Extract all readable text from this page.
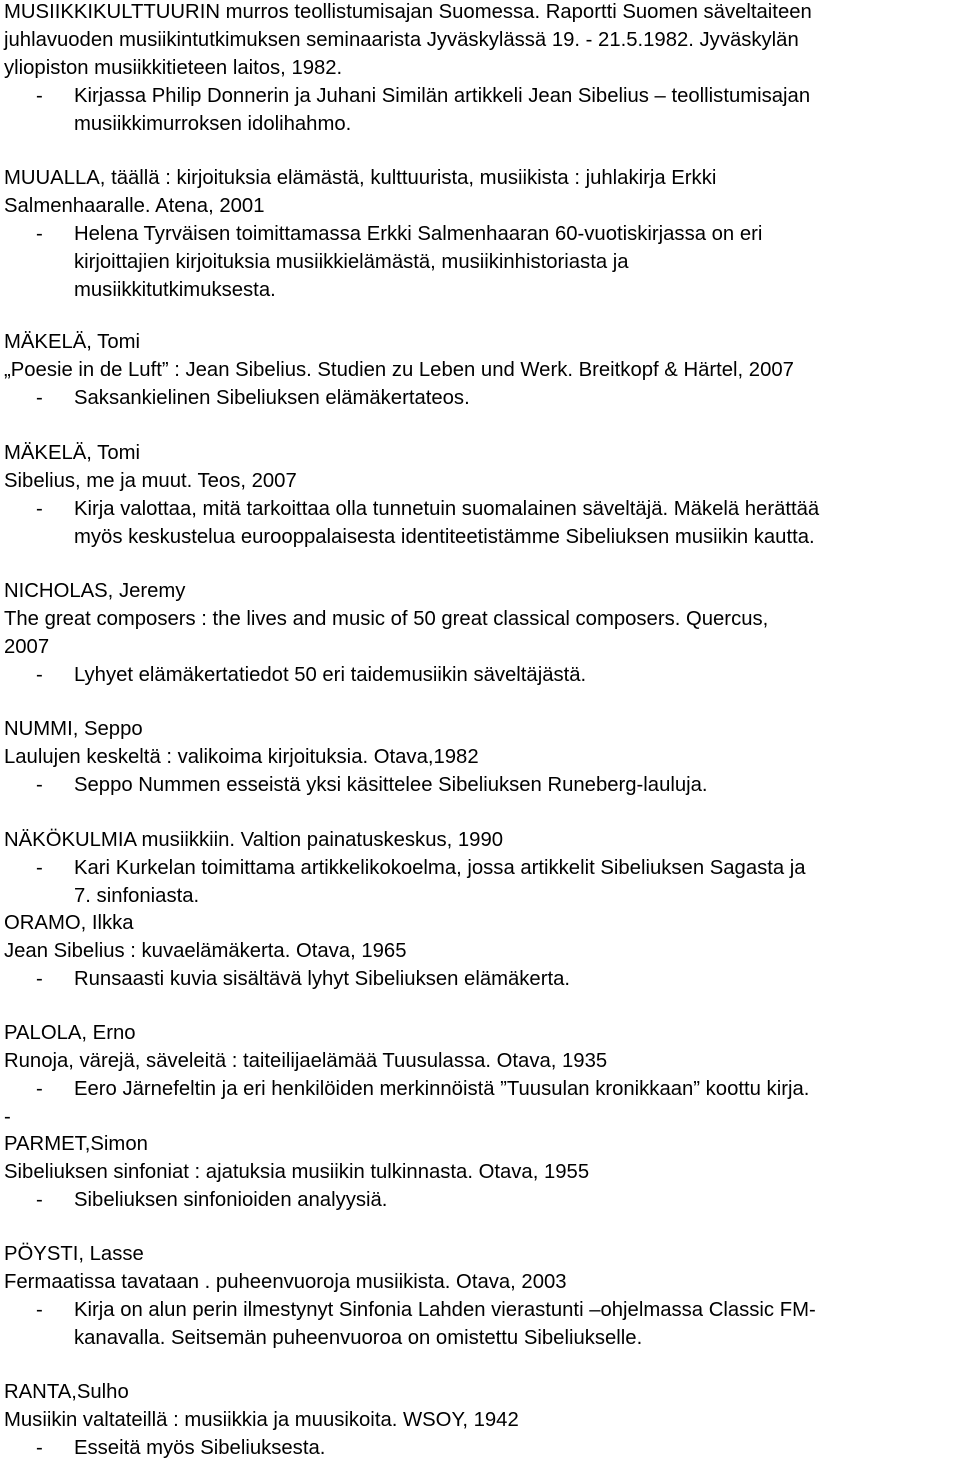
MUSIIKKIKULTTUURIN murros teollistumisajan Suomessa. Raportti Suomen säveltaiteen
juhlavuoden musiikintutkimuksen seminaarista Jyväskylässä 19. - 21.5.1982. Jyväskylän
yliopiston musiikkitieteen laitos, 1982.
- Kirjassa Philip Donnerin ja Juhani Similän artikkeli Jean Sibelius – teollistumisajan
musiikkimurroksen idolihahmo.
MUUALLA, täällä : kirjoituksia elämästä, kulttuurista, musiikista : juhlakirja Erkki
Salmenhaaralle. Atena, 2001
- Helena Tyrväisen toimittamassa Erkki Salmenhaaran 60-vuotiskirjassa on eri
kirjoittajien kirjoituksia musiikkielämästä, musiikinhistoriasta ja
musiikkitutkimuksesta.
MÄKELÄ, Tomi
„Poesie in de Luft” : Jean Sibelius. Studien zu Leben und Werk. Breitkopf & Härtel, 2007
- Saksankielinen Sibeliuksen elämäkertateos.
MÄKELÄ, Tomi
Sibelius, me ja muut. Teos, 2007
- Kirja valottaa, mitä tarkoittaa olla tunnetuin suomalainen säveltäjä. Mäkelä herättää
myös keskustelua eurooppalaisesta identiteetistämme Sibeliuksen musiikin kautta.
NICHOLAS, Jeremy
The great composers : the lives and music of 50 great classical composers. Quercus,
2007
- Lyhyet elämäkertatiedot 50 eri taidemusiikin säveltäjästä.
NUMMI, Seppo
Laulujen keskeltä : valikoima kirjoituksia. Otava,1982
- Seppo Nummen esseistä yksi käsittelee Sibeliuksen Runeberg-lauluja.
NÄKÖKULMIA musiikkiin. Valtion painatuskeskus, 1990
- Kari Kurkelan toimittama artikkelikokoelma, jossa artikkelit Sibeliuksen Sagasta ja
7. sinfoniasta.
ORAMO, Ilkka
Jean Sibelius : kuvaelämäkerta. Otava, 1965
- Runsaasti kuvia sisältävä lyhyt Sibeliuksen elämäkerta.
PALOLA, Erno
Runoja, värejä, säveleitä : taiteilijaelämää Tuusulassa. Otava, 1935
- Eero Järnefeltin ja eri henkilöiden merkinnöistä ”Tuusulan kronikkaan” koottu kirja.
-
PARMET,Simon
Sibeliuksen sinfoniat : ajatuksia musiikin tulkinnasta. Otava, 1955
- Sibeliuksen sinfonioiden analyysiä.
PÖYSTI, Lasse
Fermaatissa tavataan . puheenvuoroja musiikista. Otava, 2003
- Kirja on alun perin ilmestynyt Sinfonia Lahden vierastunti –ohjelmassa Classic FM-
kanavalla. Seitsemän puheenvuoroa on omistettu Sibeliukselle.
RANTA,Sulho
Musiikin valtateillä : musiikkia ja muusikoita. WSOY, 1942
- Esseitä myös Sibeliuksesta.
